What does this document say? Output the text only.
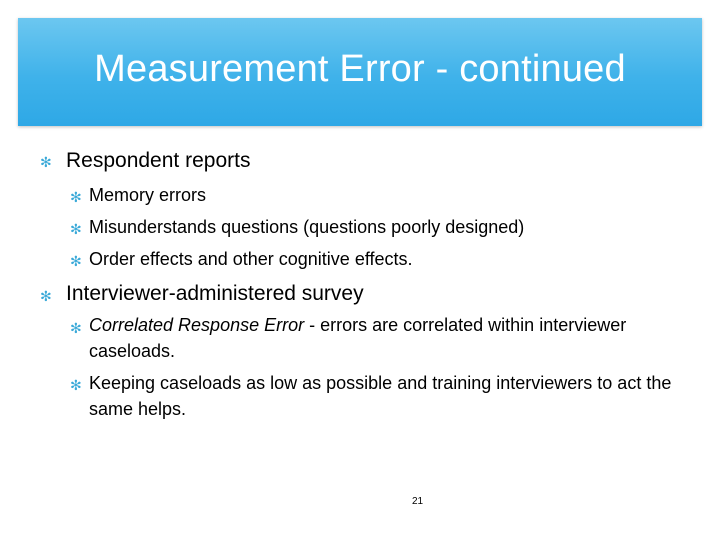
Measurement Error - continued
✻ Respondent reports
✻ Memory errors
✻ Misunderstands questions (questions poorly designed)
✻ Order effects and other cognitive effects.
✻ Interviewer-administered survey
✻ Correlated Response Error - errors are correlated within interviewer caseloads.
✻ Keeping caseloads as low as possible and training interviewers to act the same helps.
21
